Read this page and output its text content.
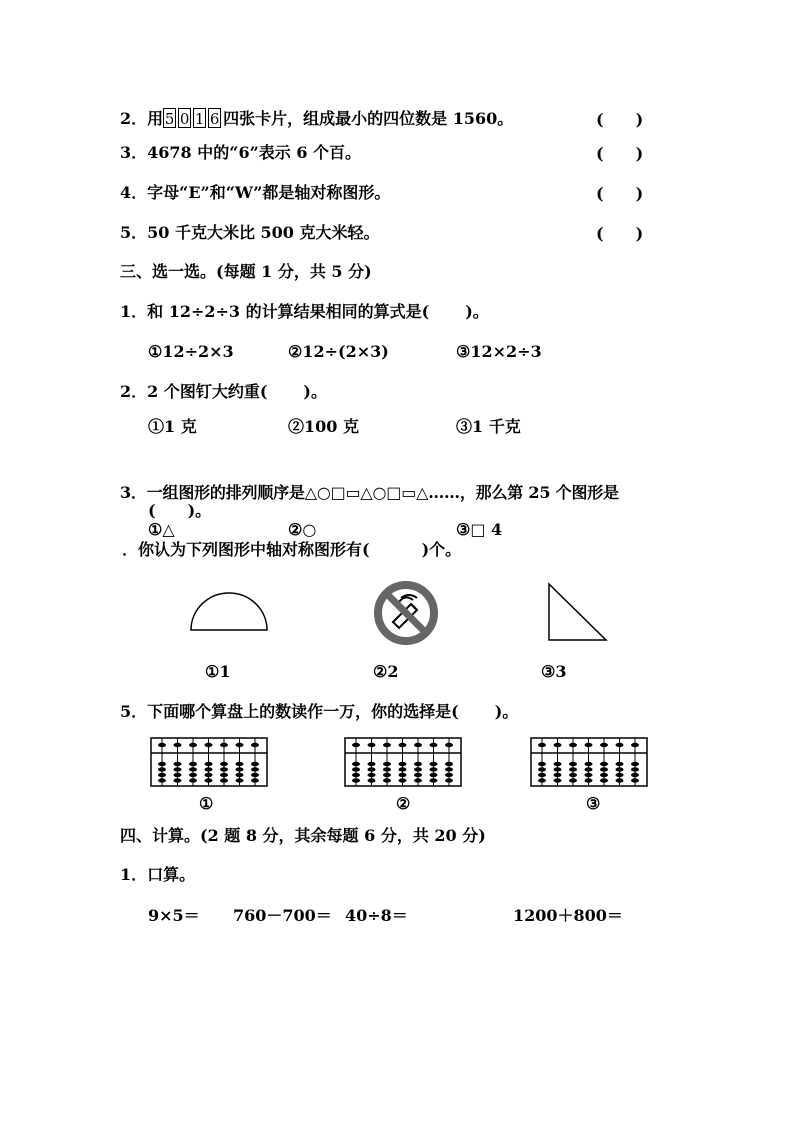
2．用 5 0 1 6 四张卡片，组成最小的四位数是 1560。	(　　)
3．4678 中的“6”表示 6 个百。	(　　)
4．字母“E”和“W”都是轴对称图形。	(　　)
5．50 千克大米比 500 克大米轻。	(　　)
三、选一选。(每题 1 分，共 5 分)
1．和 12÷2÷3 的计算结果相同的算式是( )。
①12÷2×3	②12÷(2×3)	③12×2÷3
2．2 个图钉大约重( )。
①1 克	②100 克	③1 千克
3．一组图形的排列顺序是△○□▭△○□▭△……，那么第 25 个图形是
(　　)。
①△	②○	③□ 4
．你认为下列图形中轴对称图形有(	)个。
①1	②2	③3
5．下面哪个算盘上的数读作一万，你的选择是( )。
①	②	③
四、计算。(2 题 8 分，其余每题 6 分，共 20 分)
1．口算。
9×5＝ 760－700＝ 40÷8＝	1200＋800＝
